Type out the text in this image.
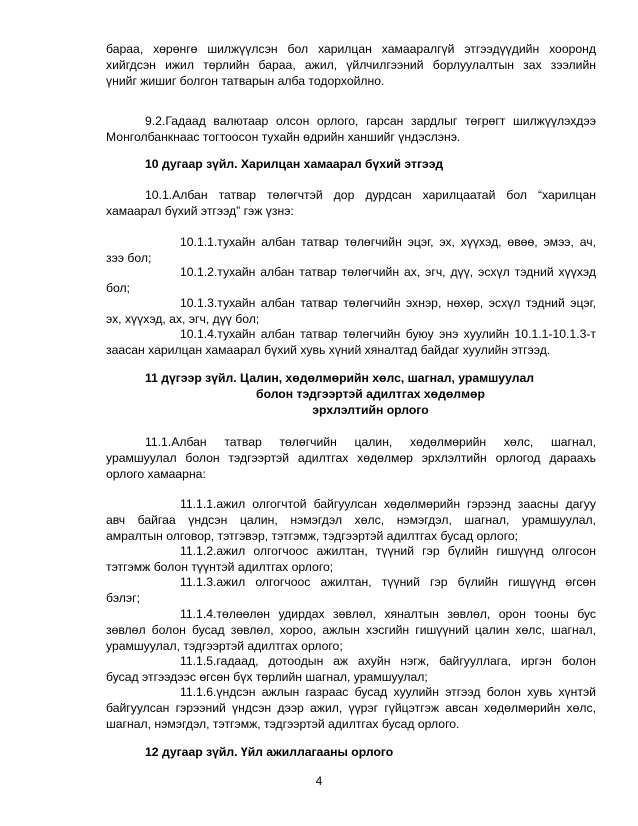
бараа, хөрөнгө шилжүүлсэн бол харилцан хамааралгүй этгээдүүдийн хооронд
хийгдсэн ижил төрлийн бараа, ажил, үйлчилгээний борлуулалтын зах зээлийн
үнийг жишиг болгон татварын алба тодорхойлно.
9.2.Гадаад валютаар олсон орлого, гарсан зардлыг төгрөгт шилжүүлэхдээ
Монголбанкнаас тогтоосон тухайн өдрийн ханшийг үндэслэнэ.
10 дугаар зүйл. Харилцан хамаарал бүхий этгээд
10.1.Албан татвар төлөгчтэй дор дурдсан харилцаатай бол “харилцан
хамаарал бүхий этгээд” гэж үзнэ:
10.1.1.тухайн албан татвар төлөгчийн эцэг, эх, хүүхэд, өвөө, эмээ, ач,
зээ бол;
10.1.2.тухайн албан татвар төлөгчийн ах, эгч, дүү, эсхүл тэдний хүүхэд
бол;
10.1.3.тухайн албан татвар төлөгчийн эхнэр, нөхөр, эсхүл тэдний эцэг,
эх, хүүхэд, ах, эгч, дүү бол;
10.1.4.тухайн албан татвар төлөгчийн буюу энэ хуулийн 10.1.1-10.1.3-т
заасан харилцан хамаарал бүхий хувь хүний хяналтад байдаг хуулийн этгээд.
11 дүгээр зүйл. Цалин, хөдөлмөрийн хөлс, шагнал, урамшуулал
болон тэдгээртэй адилтгах хөдөлмөр
эрхлэлтийн орлого
11.1.Албан татвар төлөгчийн цалин, хөдөлмөрийн хөлс, шагнал,
урамшуулал болон тэдгээртэй адилтгах хөдөлмөр эрхлэлтийн орлогод дараахь
орлого хамаарна:
11.1.1.ажил олгогчтой байгуулсан хөдөлмөрийн гэрээнд заасны дагуу
авч байгаа үндсэн цалин, нэмэгдэл хөлс, нэмэгдэл, шагнал, урамшуулал,
амралтын олговор, тэтгэвэр, тэтгэмж, тэдгээртэй адилтгах бусад орлого;
11.1.2.ажил олгогчоос ажилтан, түүний гэр бүлийн гишүүнд олгосон
тэтгэмж болон түүнтэй адилтгах орлого;
11.1.3.ажил олгогчоос ажилтан, түүний гэр бүлийн гишүүнд өгсөн
бэлэг;
11.1.4.төлөөлөн удирдах зөвлөл, хяналтын зөвлөл, орон тооны бус
зөвлөл болон бусад зөвлөл, хороо, ажлын хэсгийн гишүүний цалин хөлс, шагнал,
урамшуулал, тэдгээртэй адилтгах орлого;
11.1.5.гадаад, дотоодын аж ахуйн нэгж, байгууллага, иргэн болон
бусад этгээдээс өгсөн бүх төрлийн шагнал, урамшуулал;
11.1.6.үндсэн ажлын газраас бусад хуулийн этгээд болон хувь хүнтэй
байгуулсан гэрээний үндсэн дээр ажил, үүрэг гүйцэтгэж авсан хөдөлмөрийн хөлс,
шагнал, нэмэгдэл, тэтгэмж, тэдгээртэй адилтгах бусад орлого.
12 дугаар зүйл. Үйл ажиллагааны орлого
4
